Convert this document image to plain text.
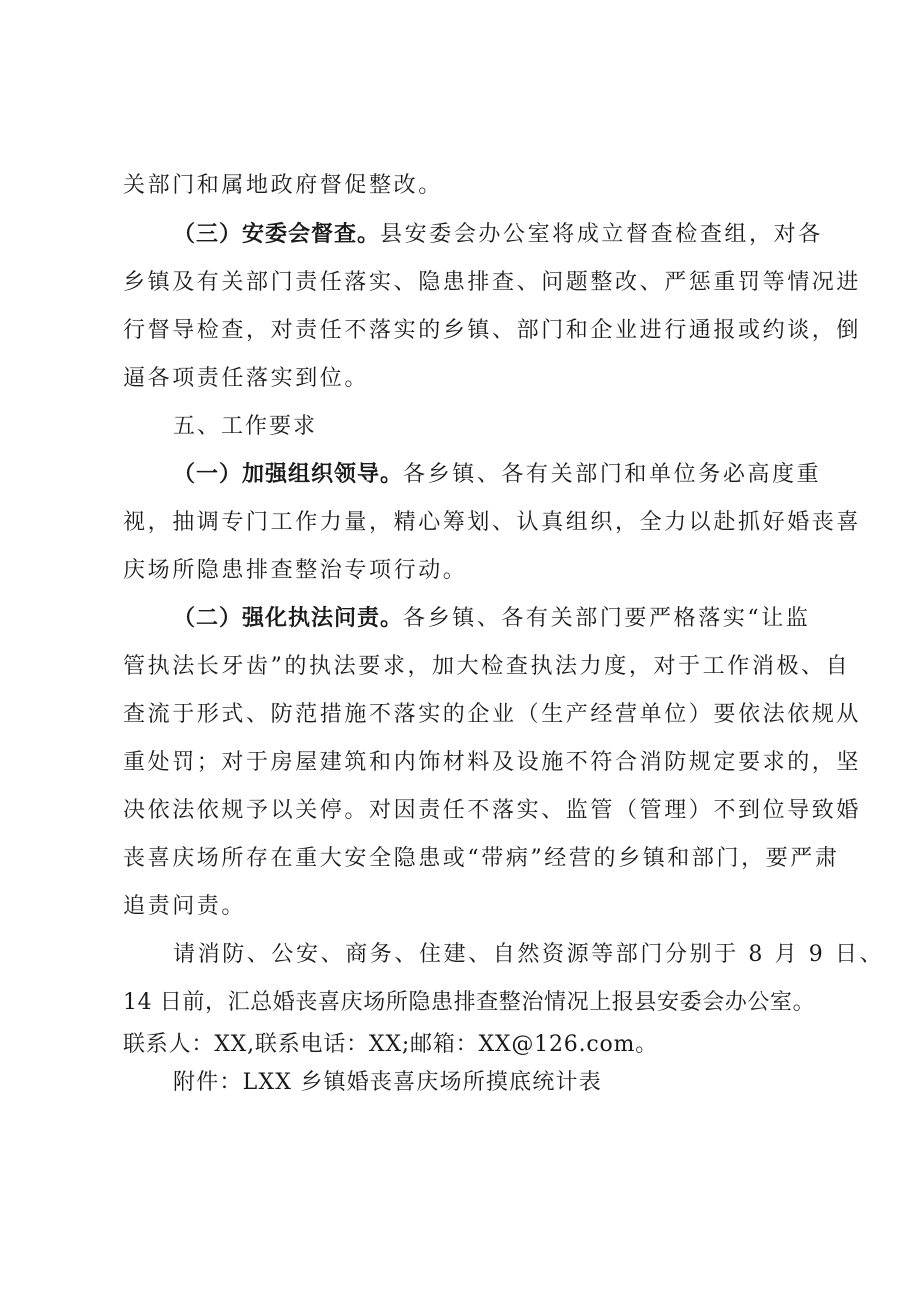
关部门和属地政府督促整改。
（三）安委会督查。县安委会办公室将成立督查检查组，对各
乡镇及有关部门责任落实、隐患排查、问题整改、严惩重罚等情况进
行督导检查，对责任不落实的乡镇、部门和企业进行通报或约谈，倒
逼各项责任落实到位。
五、工作要求
（一）加强组织领导。各乡镇、各有关部门和单位务必高度重
视，抽调专门工作力量，精心筹划、认真组织，全力以赴抓好婚丧喜
庆场所隐患排查整治专项行动。
（二）强化执法问责。各乡镇、各有关部门要严格落实“让监
管执法长牙齿”的执法要求，加大检查执法力度，对于工作消极、自
查流于形式、防范措施不落实的企业（生产经营单位）要依法依规从
重处罚；对于房屋建筑和内饰材料及设施不符合消防规定要求的，坚
决依法依规予以关停。对因责任不落实、监管（管理）不到位导致婚
丧喜庆场所存在重大安全隐患或“带病”经营的乡镇和部门，要严肃
追责问责。
请消防、公安、商务、住建、自然资源等部门分别于 8 月 9 日、
14 日前，汇总婚丧喜庆场所隐患排查整治情况上报县安委会办公室。
联系人：XX,联系电话：XX;邮箱：XX@126.com。
附件：LXX 乡镇婚丧喜庆场所摸底统计表
